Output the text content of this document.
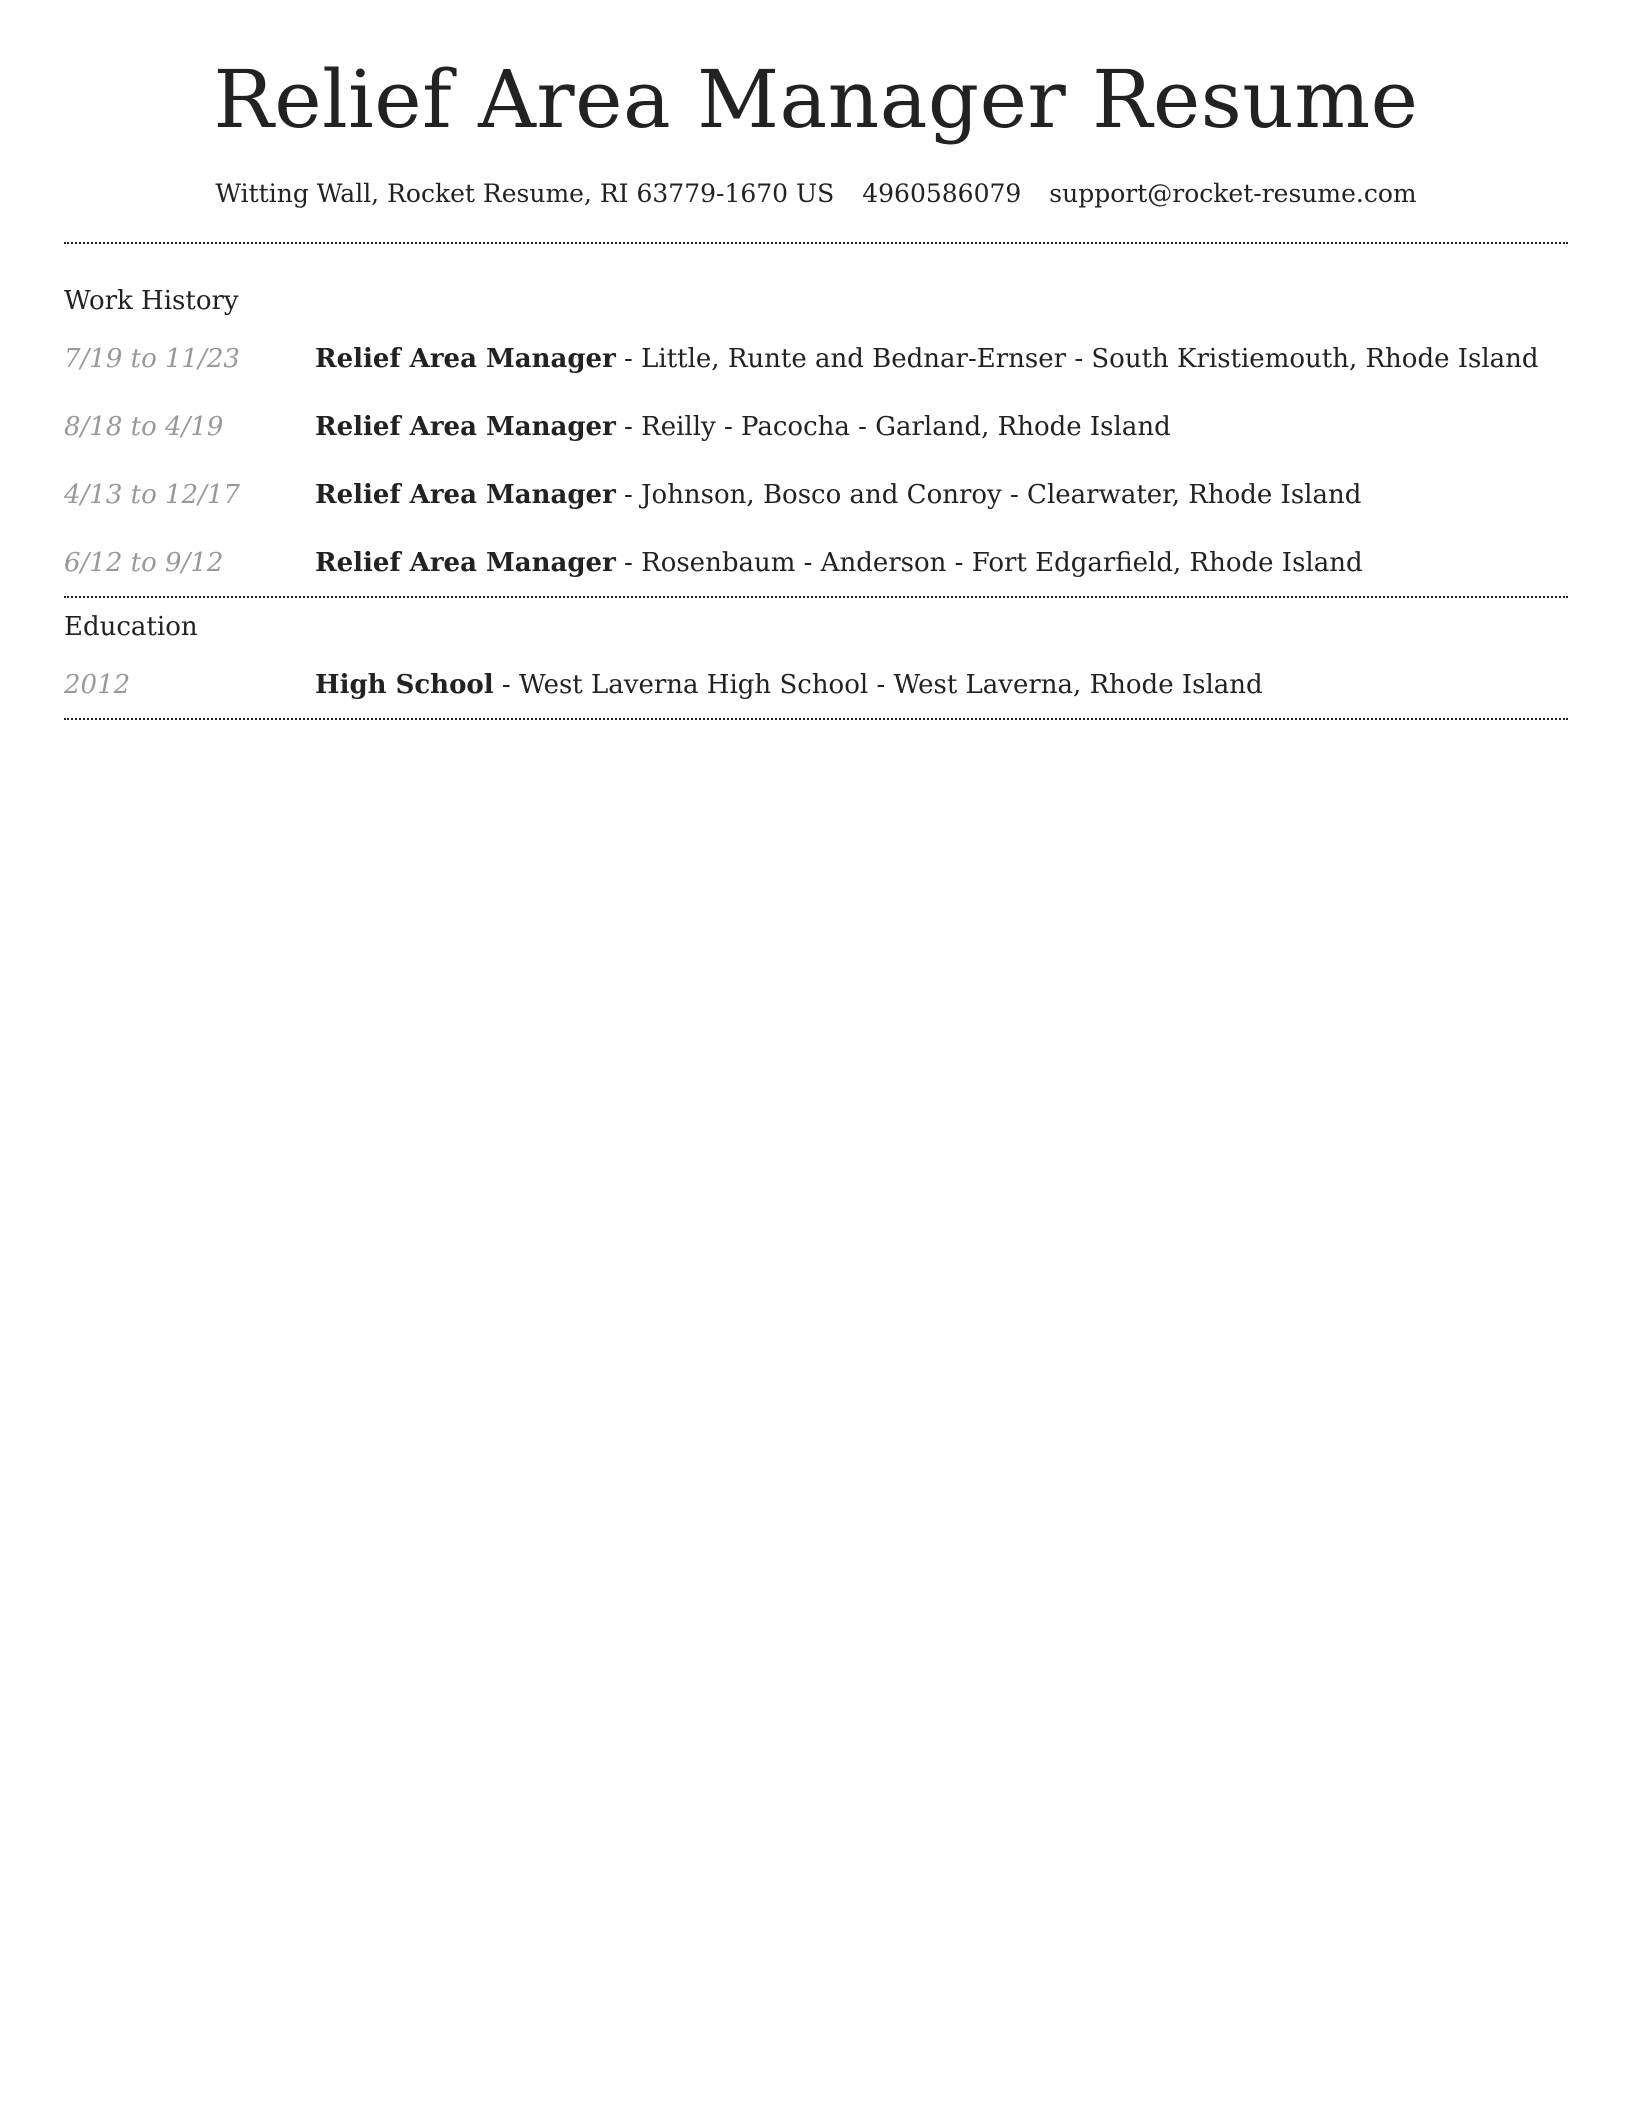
Relief Area Manager Resume
Witting Wall, Rocket Resume, RI 63779-1670 US 4960586079 support@rocket-resume.com
Work History
7/19 to 11/23	Relief Area Manager - Little, Runte and Bednar-Ernser - South Kristiemouth, Rhode Island
8/18 to 4/19	Relief Area Manager - Reilly - Pacocha - Garland, Rhode Island
4/13 to 12/17	Relief Area Manager - Johnson, Bosco and Conroy - Clearwater, Rhode Island
6/12 to 9/12	Relief Area Manager - Rosenbaum - Anderson - Fort Edgarfield, Rhode Island
Education
2012	High School - West Laverna High School - West Laverna, Rhode Island
